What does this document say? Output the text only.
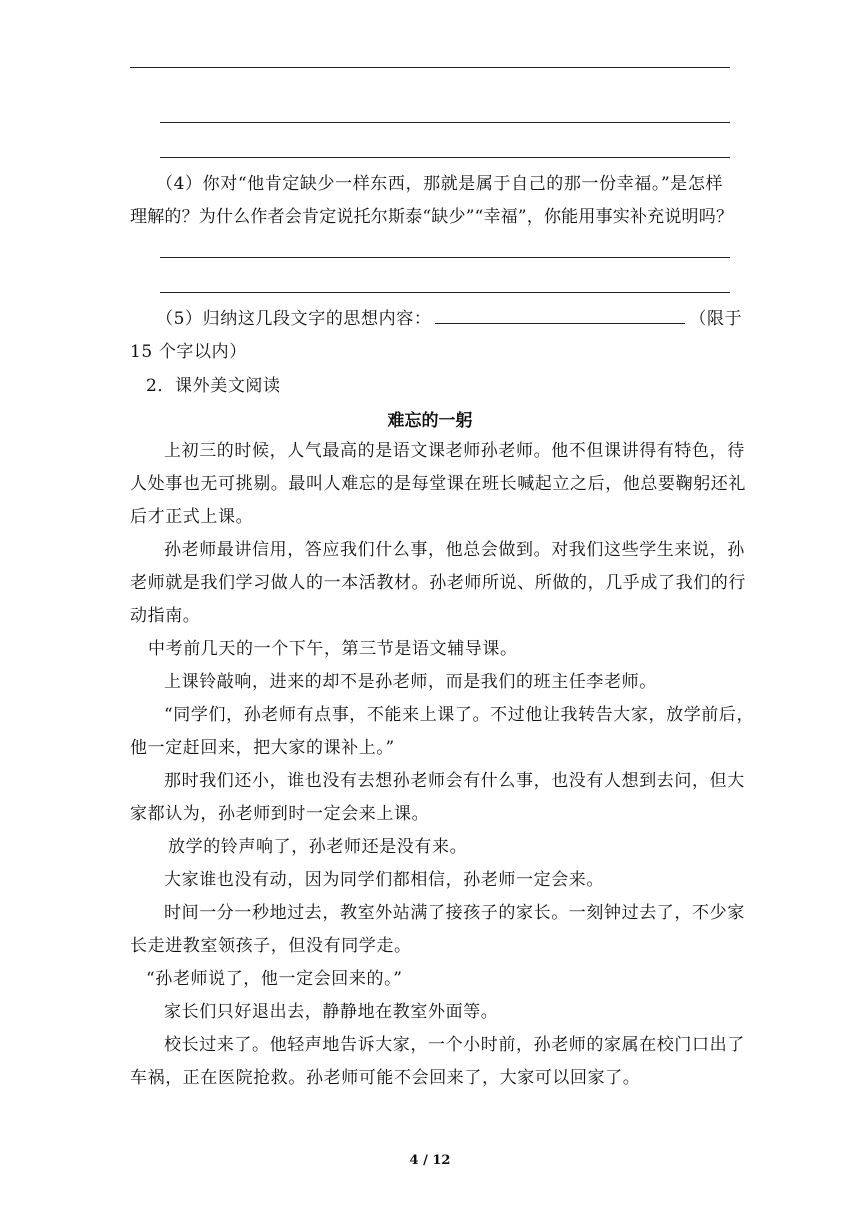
（4）你对“他肯定缺少一样东西，那就是属于自己的那一份幸福。”是怎样
理解的？为什么作者会肯定说托尔斯泰“缺少”“幸福”，你能用事实补充说明吗？
（5）归纳这几段文字的思想内容：	（限于
15 个字以内）
2．课外美文阅读
难忘的一躬
上初三的时候，人气最高的是语文课老师孙老师。他不但课讲得有特色，待
人处事也无可挑剔。最叫人难忘的是每堂课在班长喊起立之后，他总要鞠躬还礼
后才正式上课。
孙老师最讲信用，答应我们什么事，他总会做到。对我们这些学生来说，孙
老师就是我们学习做人的一本活教材。孙老师所说、所做的，几乎成了我们的行
动指南。
中考前几天的一个下午，第三节是语文辅导课。
上课铃敲响，进来的却不是孙老师，而是我们的班主任李老师。
“同学们，孙老师有点事，不能来上课了。不过他让我转告大家，放学前后，
他一定赶回来，把大家的课补上。”
那时我们还小，谁也没有去想孙老师会有什么事，也没有人想到去问，但大
家都认为，孙老师到时一定会来上课。
放学的铃声响了，孙老师还是没有来。
大家谁也没有动，因为同学们都相信，孙老师一定会来。
时间一分一秒地过去，教室外站满了接孩子的家长。一刻钟过去了，不少家
长走进教室领孩子，但没有同学走。
“孙老师说了，他一定会回来的。”
家长们只好退出去，静静地在教室外面等。
校长过来了。他轻声地告诉大家，一个小时前，孙老师的家属在校门口出了
车祸，正在医院抢救。孙老师可能不会回来了，大家可以回家了。
4 / 12
